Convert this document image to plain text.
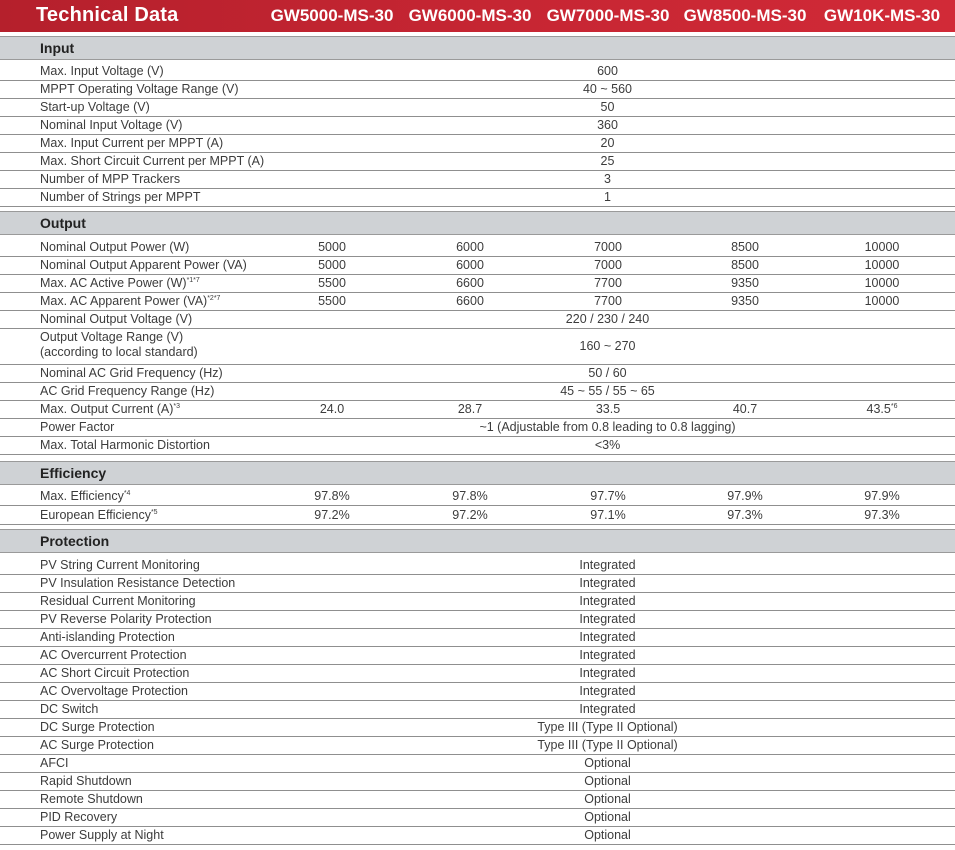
Technical Data	GW5000-MS-30 GW6000-MS-30 GW7000-MS-30 GW8500-MS-30	GW10K-MS-30
Input
Max. Input Voltage (V)	600
MPPT Operating Voltage Range (V)	40 ~ 560
Start-up Voltage (V)	50
Nominal Input Voltage (V)	360
Max. Input Current per MPPT (A)	20
Max. Short Circuit Current per MPPT (A)	25
Number of MPP Trackers	3
Number of Strings per MPPT	1
Output
Nominal Output Power (W)	5000	6000	7000	8500	10000
Nominal Output Apparent Power (VA)	5000	6000	7000	8500	10000
Max. AC Active Power $(W)^{*1*7}$	5500	6600	7700	9350	10000
Max. AC Apparent Power (VA)$^{*2*7}$	5500	6600	7700	9350	10000
Nominal Output Voltage (V)	220 / 230 / 240
Output Voltage Range (V)
(according to local standard)	160 ~ 270
Nominal AC Grid Frequency (Hz)	50 / 60
AC Grid Frequency Range (Hz)	45 ~ 55 / 55 ~ 65
Max. Output Current $(A)^{*3}$	24.0	28.7	33.5	40.7	43.5$^{*6}$
Power Factor	~1 (Adjustable from 0.8 leading to 0.8 lagging)
Max. Total Harmonic Distortion	<3%
Efficiency
Max. Efficiency$^{*4}$	97.8%	97.8%	97.7%	97.9%	97.9%
European Efficiency$^{*5}$	97.2%	97.2%	97.1%	97.3%	97.3%
Protection
PV String Current Monitoring	Integrated
PV Insulation Resistance Detection	Integrated
Residual Current Monitoring	Integrated
PV Reverse Polarity Protection	Integrated
Anti-islanding Protection	Integrated
AC Overcurrent Protection	Integrated
AC Short Circuit Protection	Integrated
AC Overvoltage Protection	Integrated
DC Switch	Integrated
DC Surge Protection	Type III (Type II Optional)
AC Surge Protection	Type III (Type II Optional)
AFCI	Optional
Rapid Shutdown	Optional
Remote Shutdown	Optional
PID Recovery	Optional
Power Supply at Night	Optional
